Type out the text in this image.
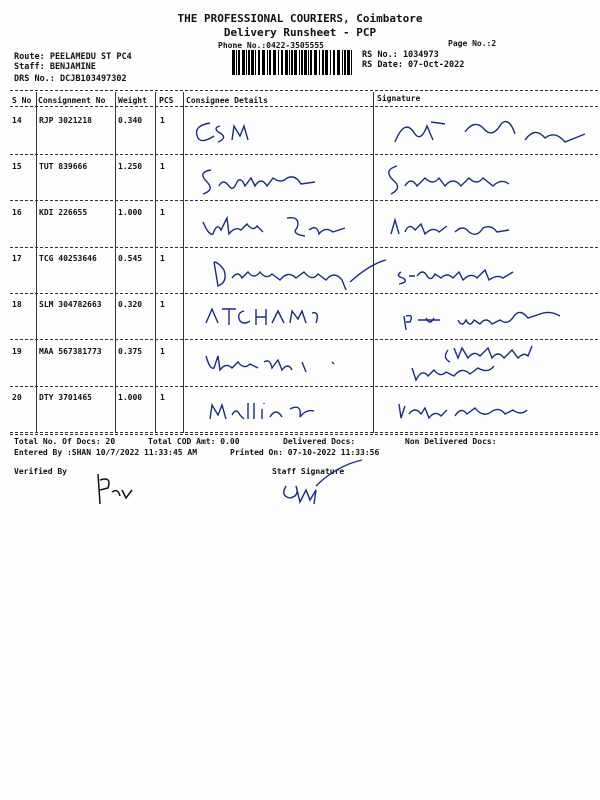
THE PROFESSIONAL COURIERS, Coimbatore
Delivery Runsheet - PCP
Phone No.:0422-3505555	Page No.:2
Route: PEELAMEDU ST PC4
Staff: BENJAMINE
DRS No.: DCJB103497302
RS No.: 1034973
RS Date: 07-Oct-2022
S No Consignment No Weight PCS Consignee Details	Signature
14 RJP 3021218	0.340 1
15 TUT 839666	1.250 1
16 KDI 226655	1.000 1
17 TCG 40253646	0.545 1
18 SLM 304782663 0.320 1
19 MAA 567381773 0.375 1
20 DTY 3701465	1.000 1
Total No. Of Docs: 20	Total COD Amt: 0.00	Delivered Docs:	Non Delivered Docs:
Entered By :SHAN 10/7/2022 11:33:45 AM	Printed On: 07-10-2022 11:33:56
Verified By	Staff Signature
